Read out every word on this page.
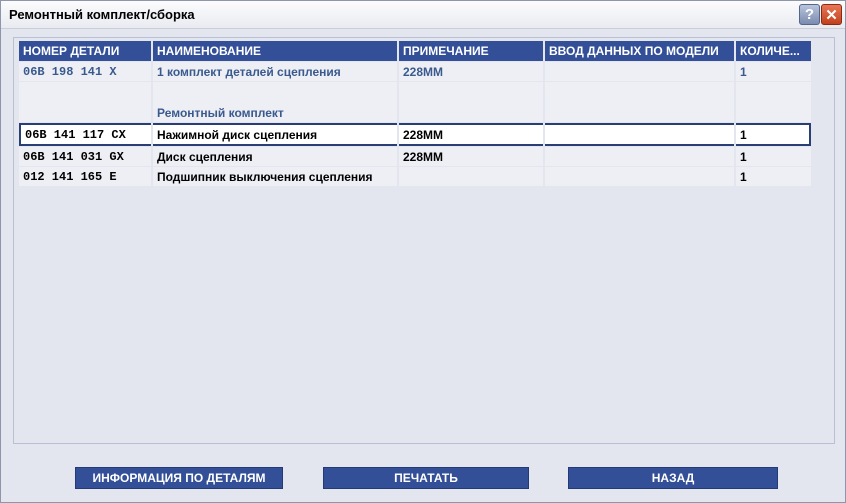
Ремонтный комплект/сборка	? ✕
НОМЕР ДЕТАЛИ	НАИМЕНОВАНИЕ	ПРИМЕЧАНИЕ	ВВОД ДАННЫХ ПО МОДЕЛИ	КОЛИЧЕ...
06B 198 141 X	1 комплект деталей сцепления	228MM		1
	Ремонтный комплект			
06B 141 117 CX	Нажимной диск сцепления	228MM		1
06B 141 031 GX	Диск сцепления	228MM		1
012 141 165 E	Подшипник выключения сцепления			1
ИНФОРМАЦИЯ ПО ДЕТАЛЯМ	ПЕЧАТАТЬ	НАЗАД
